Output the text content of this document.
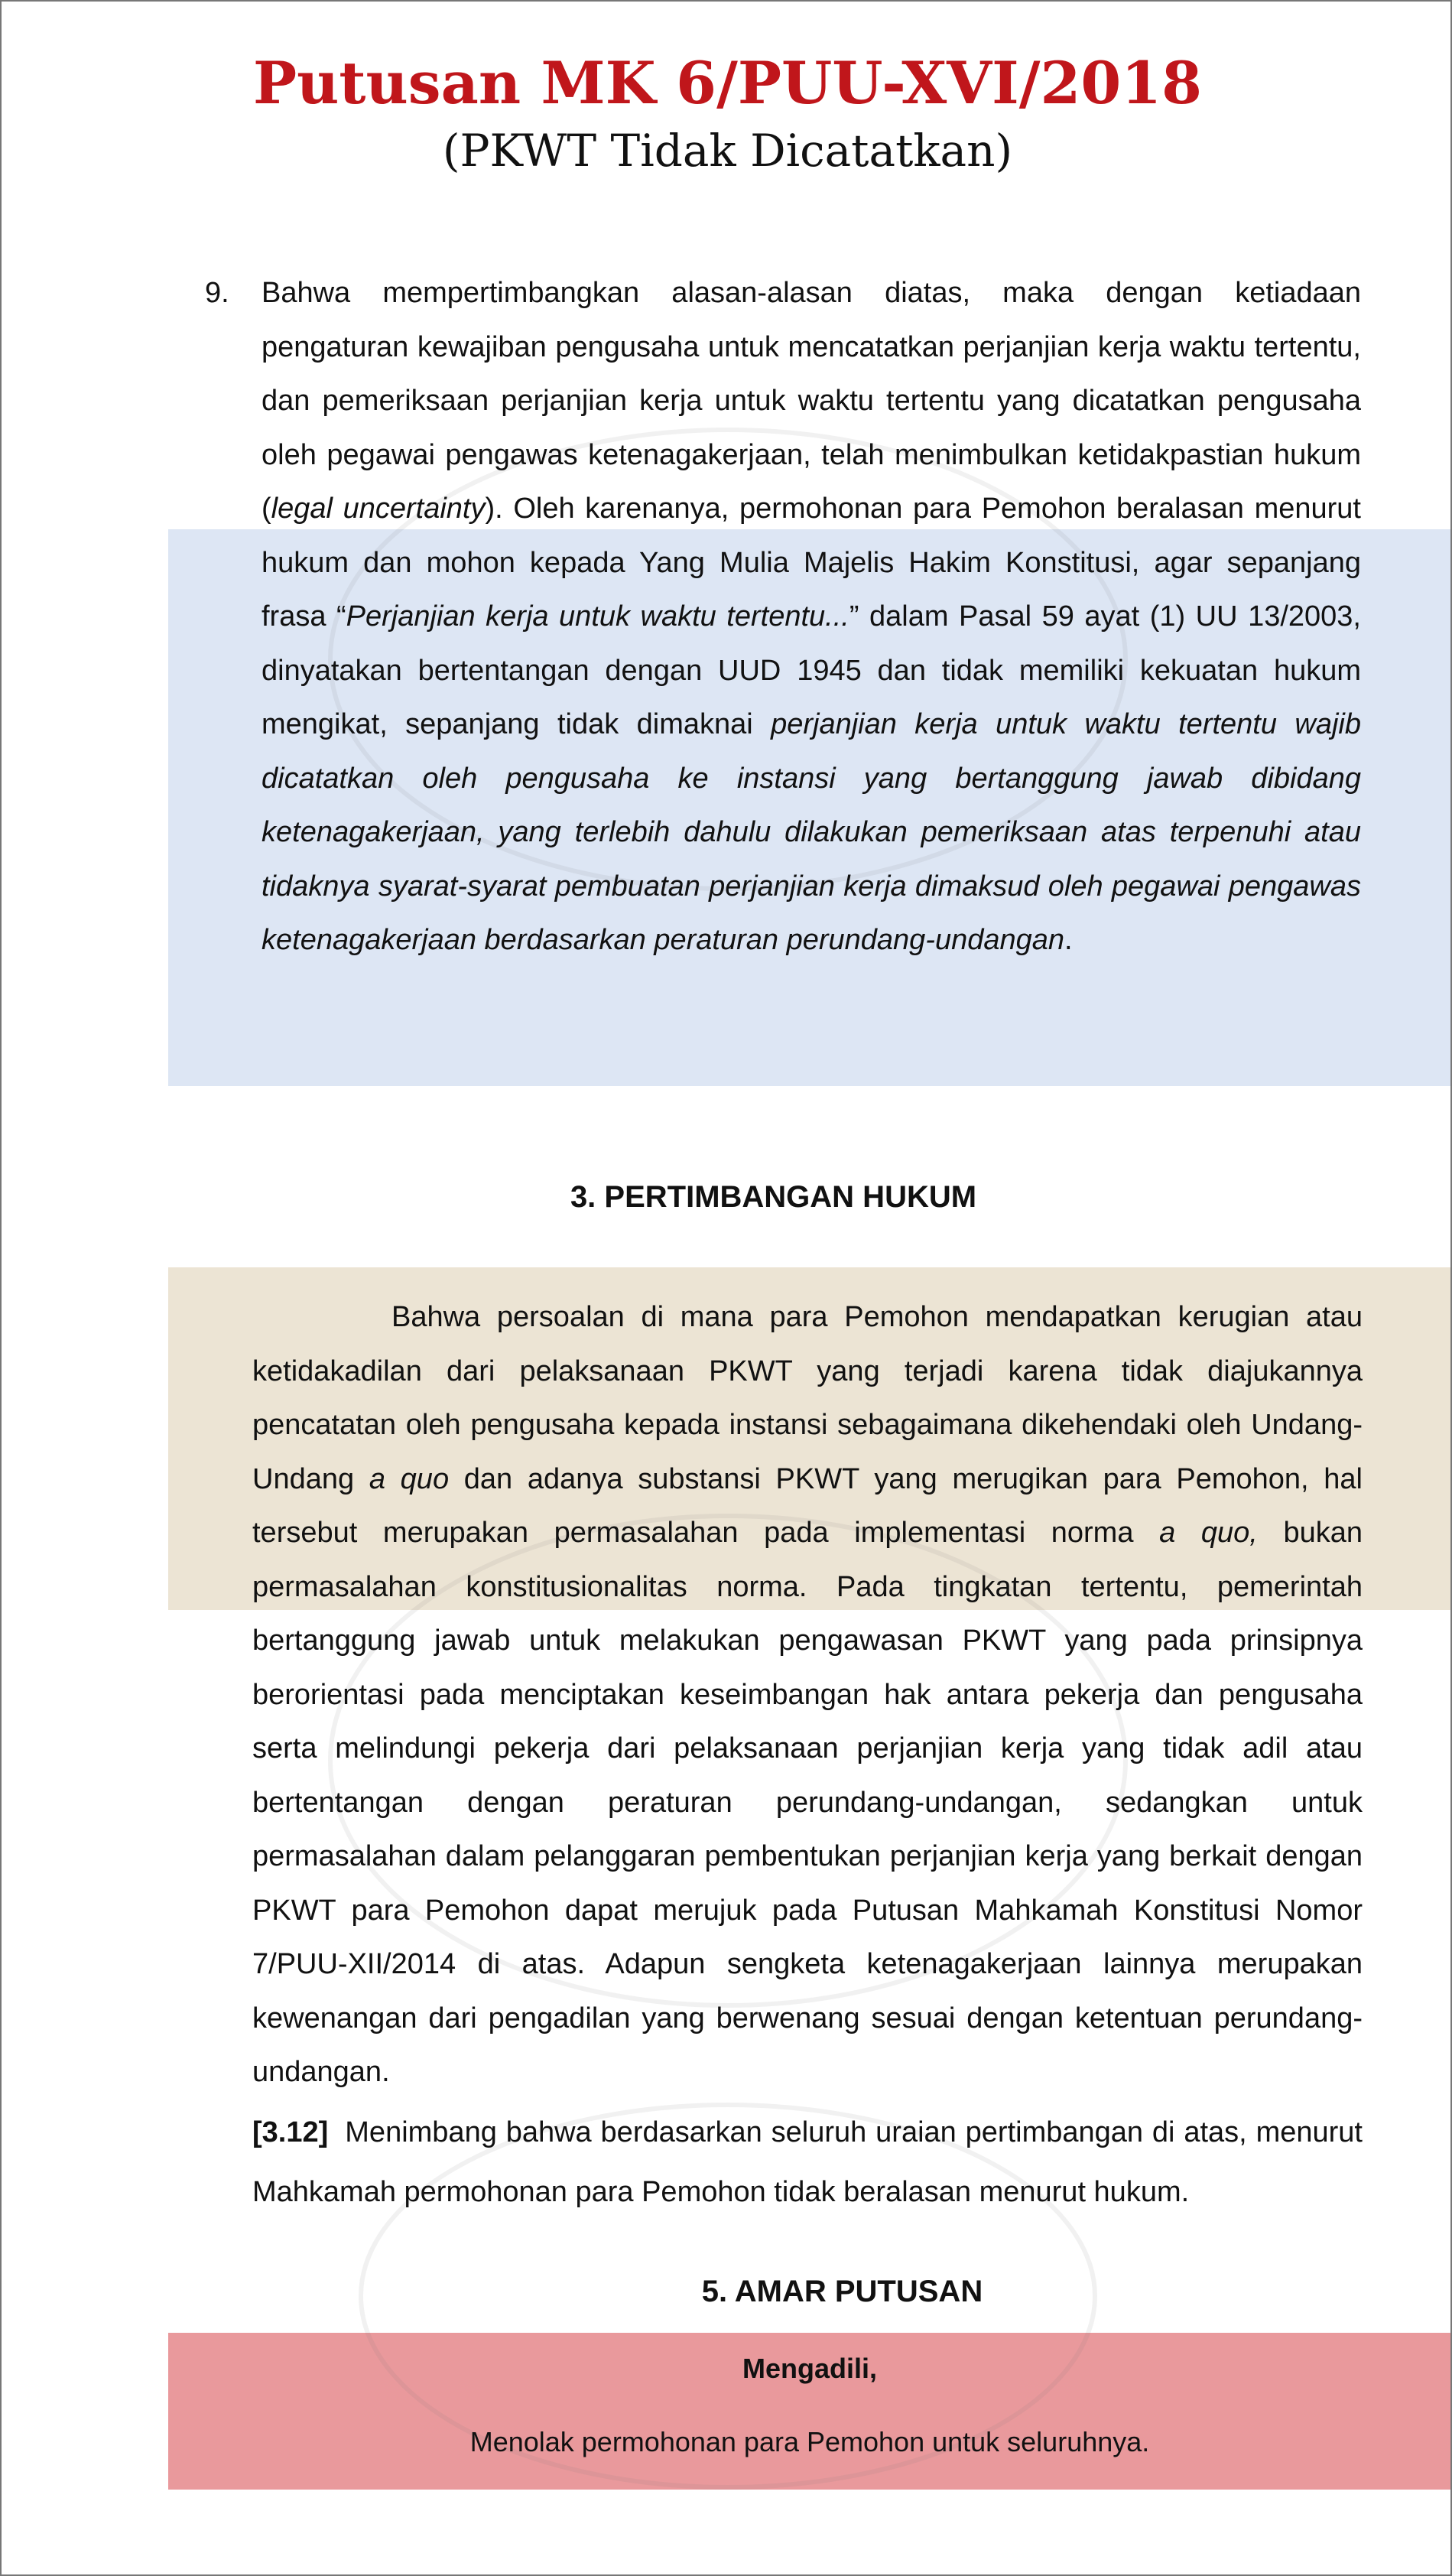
Putusan MK 6/PUU-XVI/2018
(PKWT Tidak Dicatatkan)
9.	Bahwa mempertimbangkan alasan-alasan diatas, maka dengan ketiadaan pengaturan kewajiban pengusaha untuk mencatatkan perjanjian kerja waktu tertentu, dan pemeriksaan perjanjian kerja untuk waktu tertentu yang dicatatkan pengusaha oleh pegawai pengawas ketenagakerjaan, telah menimbulkan ketidakpastian hukum (legal uncertainty). Oleh karenanya, permohonan para Pemohon beralasan menurut hukum dan mohon kepada Yang Mulia Majelis Hakim Konstitusi, agar sepanjang frasa “Perjanjian kerja untuk waktu tertentu...” dalam Pasal 59 ayat (1) UU 13/2003, dinyatakan bertentangan dengan UUD 1945 dan tidak memiliki kekuatan hukum mengikat, sepanjang tidak dimaknai perjanjian kerja untuk waktu tertentu wajib dicatatkan oleh pengusaha ke instansi yang bertanggung jawab dibidang ketenagakerjaan, yang terlebih dahulu dilakukan pemeriksaan atas terpenuhi atau tidaknya syarat-syarat pembuatan perjanjian kerja dimaksud oleh pegawai pengawas ketenagakerjaan berdasarkan peraturan perundang-undangan.
3. PERTIMBANGAN HUKUM
Bahwa persoalan di mana para Pemohon mendapatkan kerugian atau ketidakadilan dari pelaksanaan PKWT yang terjadi karena tidak diajukannya pencatatan oleh pengusaha kepada instansi sebagaimana dikehendaki oleh Undang-Undang a quo dan adanya substansi PKWT yang merugikan para Pemohon, hal tersebut merupakan permasalahan pada implementasi norma a quo, bukan permasalahan konstitusionalitas norma. Pada tingkatan tertentu, pemerintah bertanggung jawab untuk melakukan pengawasan PKWT yang pada prinsipnya berorientasi pada menciptakan keseimbangan hak antara pekerja dan pengusaha serta melindungi pekerja dari pelaksanaan perjanjian kerja yang tidak adil atau bertentangan dengan peraturan perundang-undangan, sedangkan untuk permasalahan dalam pelanggaran pembentukan perjanjian kerja yang berkait dengan PKWT para Pemohon dapat merujuk pada Putusan Mahkamah Konstitusi Nomor 7/PUU-XII/2014 di atas. Adapun sengketa ketenagakerjaan lainnya merupakan kewenangan dari pengadilan yang berwenang sesuai dengan ketentuan perundang-undangan.
[3.12] Menimbang bahwa berdasarkan seluruh uraian pertimbangan di atas, menurut Mahkamah permohonan para Pemohon tidak beralasan menurut hukum.
5. AMAR PUTUSAN
Mengadili,
Menolak permohonan para Pemohon untuk seluruhnya.
